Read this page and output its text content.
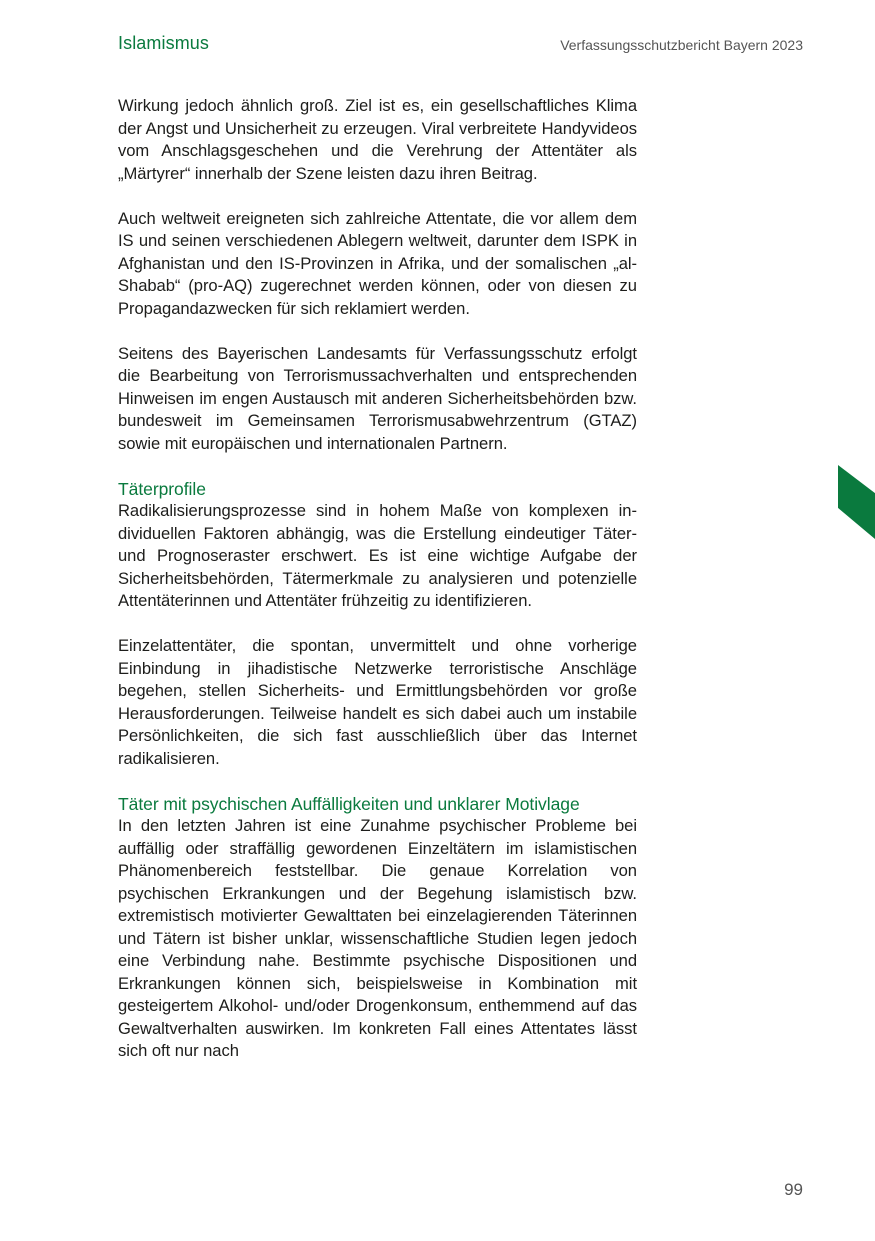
Islamismus	Verfassungsschutzbericht Bayern 2023

Wirkung jedoch ähnlich groß. Ziel ist es, ein gesellschaftliches Klima der Angst und Unsicherheit zu erzeugen. Viral verbreitete Handyvideos vom Anschlagsgeschehen und die Verehrung der Attentäter als „Märtyrer“ innerhalb der Szene leisten dazu ihren Beitrag.

Auch weltweit ereigneten sich zahlreiche Attentate, die vor allem dem IS und seinen verschiedenen Ablegern weltweit, darunter dem ISPK in Afghanistan und den IS-Provinzen in Afrika, und der somalischen „al-Shabab“ (pro-AQ) zugerechnet werden können, oder von diesen zu Propagandazwecken für sich reklamiert werden.

Seitens des Bayerischen Landesamts für Verfassungsschutz erfolgt die Bearbeitung von Terrorismussachverhalten und entsprechenden Hinweisen im engen Austausch mit anderen Sicherheitsbehörden bzw. bundesweit im Gemeinsamen Terrorismusabwehrzentrum (GTAZ) sowie mit europäischen und internationalen Partnern.

Täterprofile

Radikalisierungsprozesse sind in hohem Maße von komplexen individuellen Faktoren abhängig, was die Erstellung eindeutiger Täter- und Prognoseraster erschwert. Es ist eine wichtige Aufgabe der Sicherheitsbehörden, Tätermerkmale zu analysieren und potenzielle Attentäterinnen und Attentäter frühzeitig zu identifizieren.

Einzelattentäter, die spontan, unvermittelt und ohne vorherige Einbindung in jihadistische Netzwerke terroristische Anschläge begehen, stellen Sicherheits- und Ermittlungsbehörden vor große Herausforderungen. Teilweise handelt es sich dabei auch um instabile Persönlichkeiten, die sich fast ausschließlich über das Internet radikalisieren.

Täter mit psychischen Auffälligkeiten und unklarer Motivlage

In den letzten Jahren ist eine Zunahme psychischer Probleme bei auffällig oder straffällig gewordenen Einzeltätern im islamistischen Phänomenbereich feststellbar. Die genaue Korrelation von psychischen Erkrankungen und der Begehung islamistisch bzw. extremistisch motivierter Gewalttaten bei einzelagierenden Täterinnen und Tätern ist bisher unklar, wissenschaftliche Studien legen jedoch eine Verbindung nahe. Bestimmte psychische Dispositionen und Erkrankungen können sich, beispielsweise in Kombination mit gesteigertem Alkohol- und/oder Drogenkonsum, enthemmend auf das Gewaltverhalten auswirken. Im konkreten Fall eines Attentates lässt sich oft nur nach

99
